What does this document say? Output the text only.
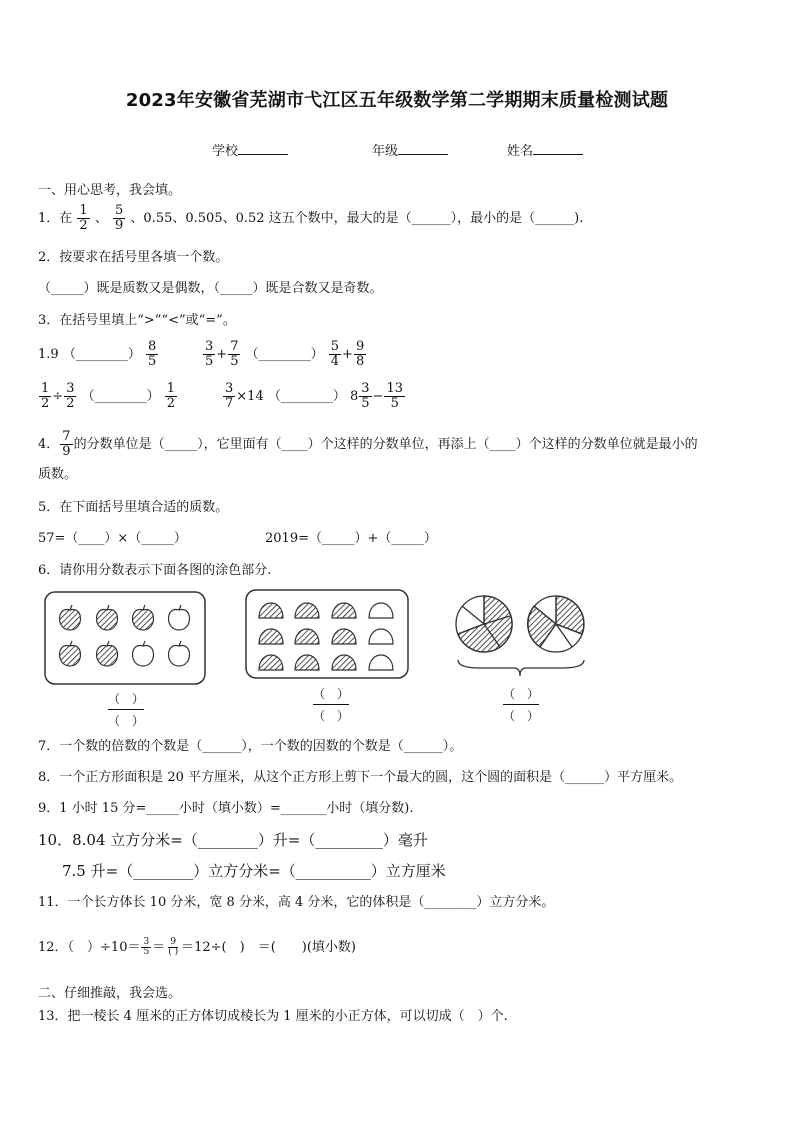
2023年安徽省芜湖市弋江区五年级数学第二学期期末质量检测试题
学校	年级	姓名
一、用心思考，我会填。
1．在 $\frac{1}{2}$ 、 $\frac{5}{9}$ 、0.55、0.505、0.52 这五个数中，最大的是（______），最小的是（______).
2．按要求在括号里各填一个数。
（_____）既是质数又是偶数，（_____）既是合数又是奇数。
3．在括号里填上“>”“<”或“=”。
1.9 （________） $\frac{8}{5}$	$\frac{3}{5} + \frac{7}{5}$ （________） $\frac{5}{4} + \frac{9}{8}$
$\frac{1}{2} \div \frac{3}{2}$ （________） $\frac{1}{2}$	$\frac{3}{7} \times 14$ （________） $8 \frac{3}{5} - \frac{13}{5}$
4． $\frac{7}{9}$ 的分数单位是（_____），它里面有（____）个这样的分数单位，再添上（____）个这样的分数单位就是最小的
质数。
5．在下面括号里填合适的质数。
57=（____）×（_____）	2019=（_____）+（_____）
6．请你用分数表示下面各图的涂色部分.
（　）
（　）
（　）
（　）
（　）
（　）
7．一个数的倍数的个数是（______），一个数的因数的个数是（______）。
8．一个正方形面积是 20 平方厘米，从这个正方形上剪下一个最大的圆，这个圆的面积是（______）平方厘米。
9．1 小时 15 分=_____小时（填小数）=_______小时（填分数).
10．8.04 立方分米=（________）升=（_________）毫升
7.5 升=（________）立方分米=（__________）立方厘米
11．一个长方体长 10 分米，宽 8 分米，高 4 分米，它的体积是（________）立方分米。
12．（　）$\div 10= \frac{3}{5} = \frac{9}{( )} =12\div$(　)　＝(　　)(填小数)
二、仔细推敲，我会选。
13．把一棱长 4 厘米的正方体切成棱长为 1 厘米的小正方体，可以切成（　）个.
